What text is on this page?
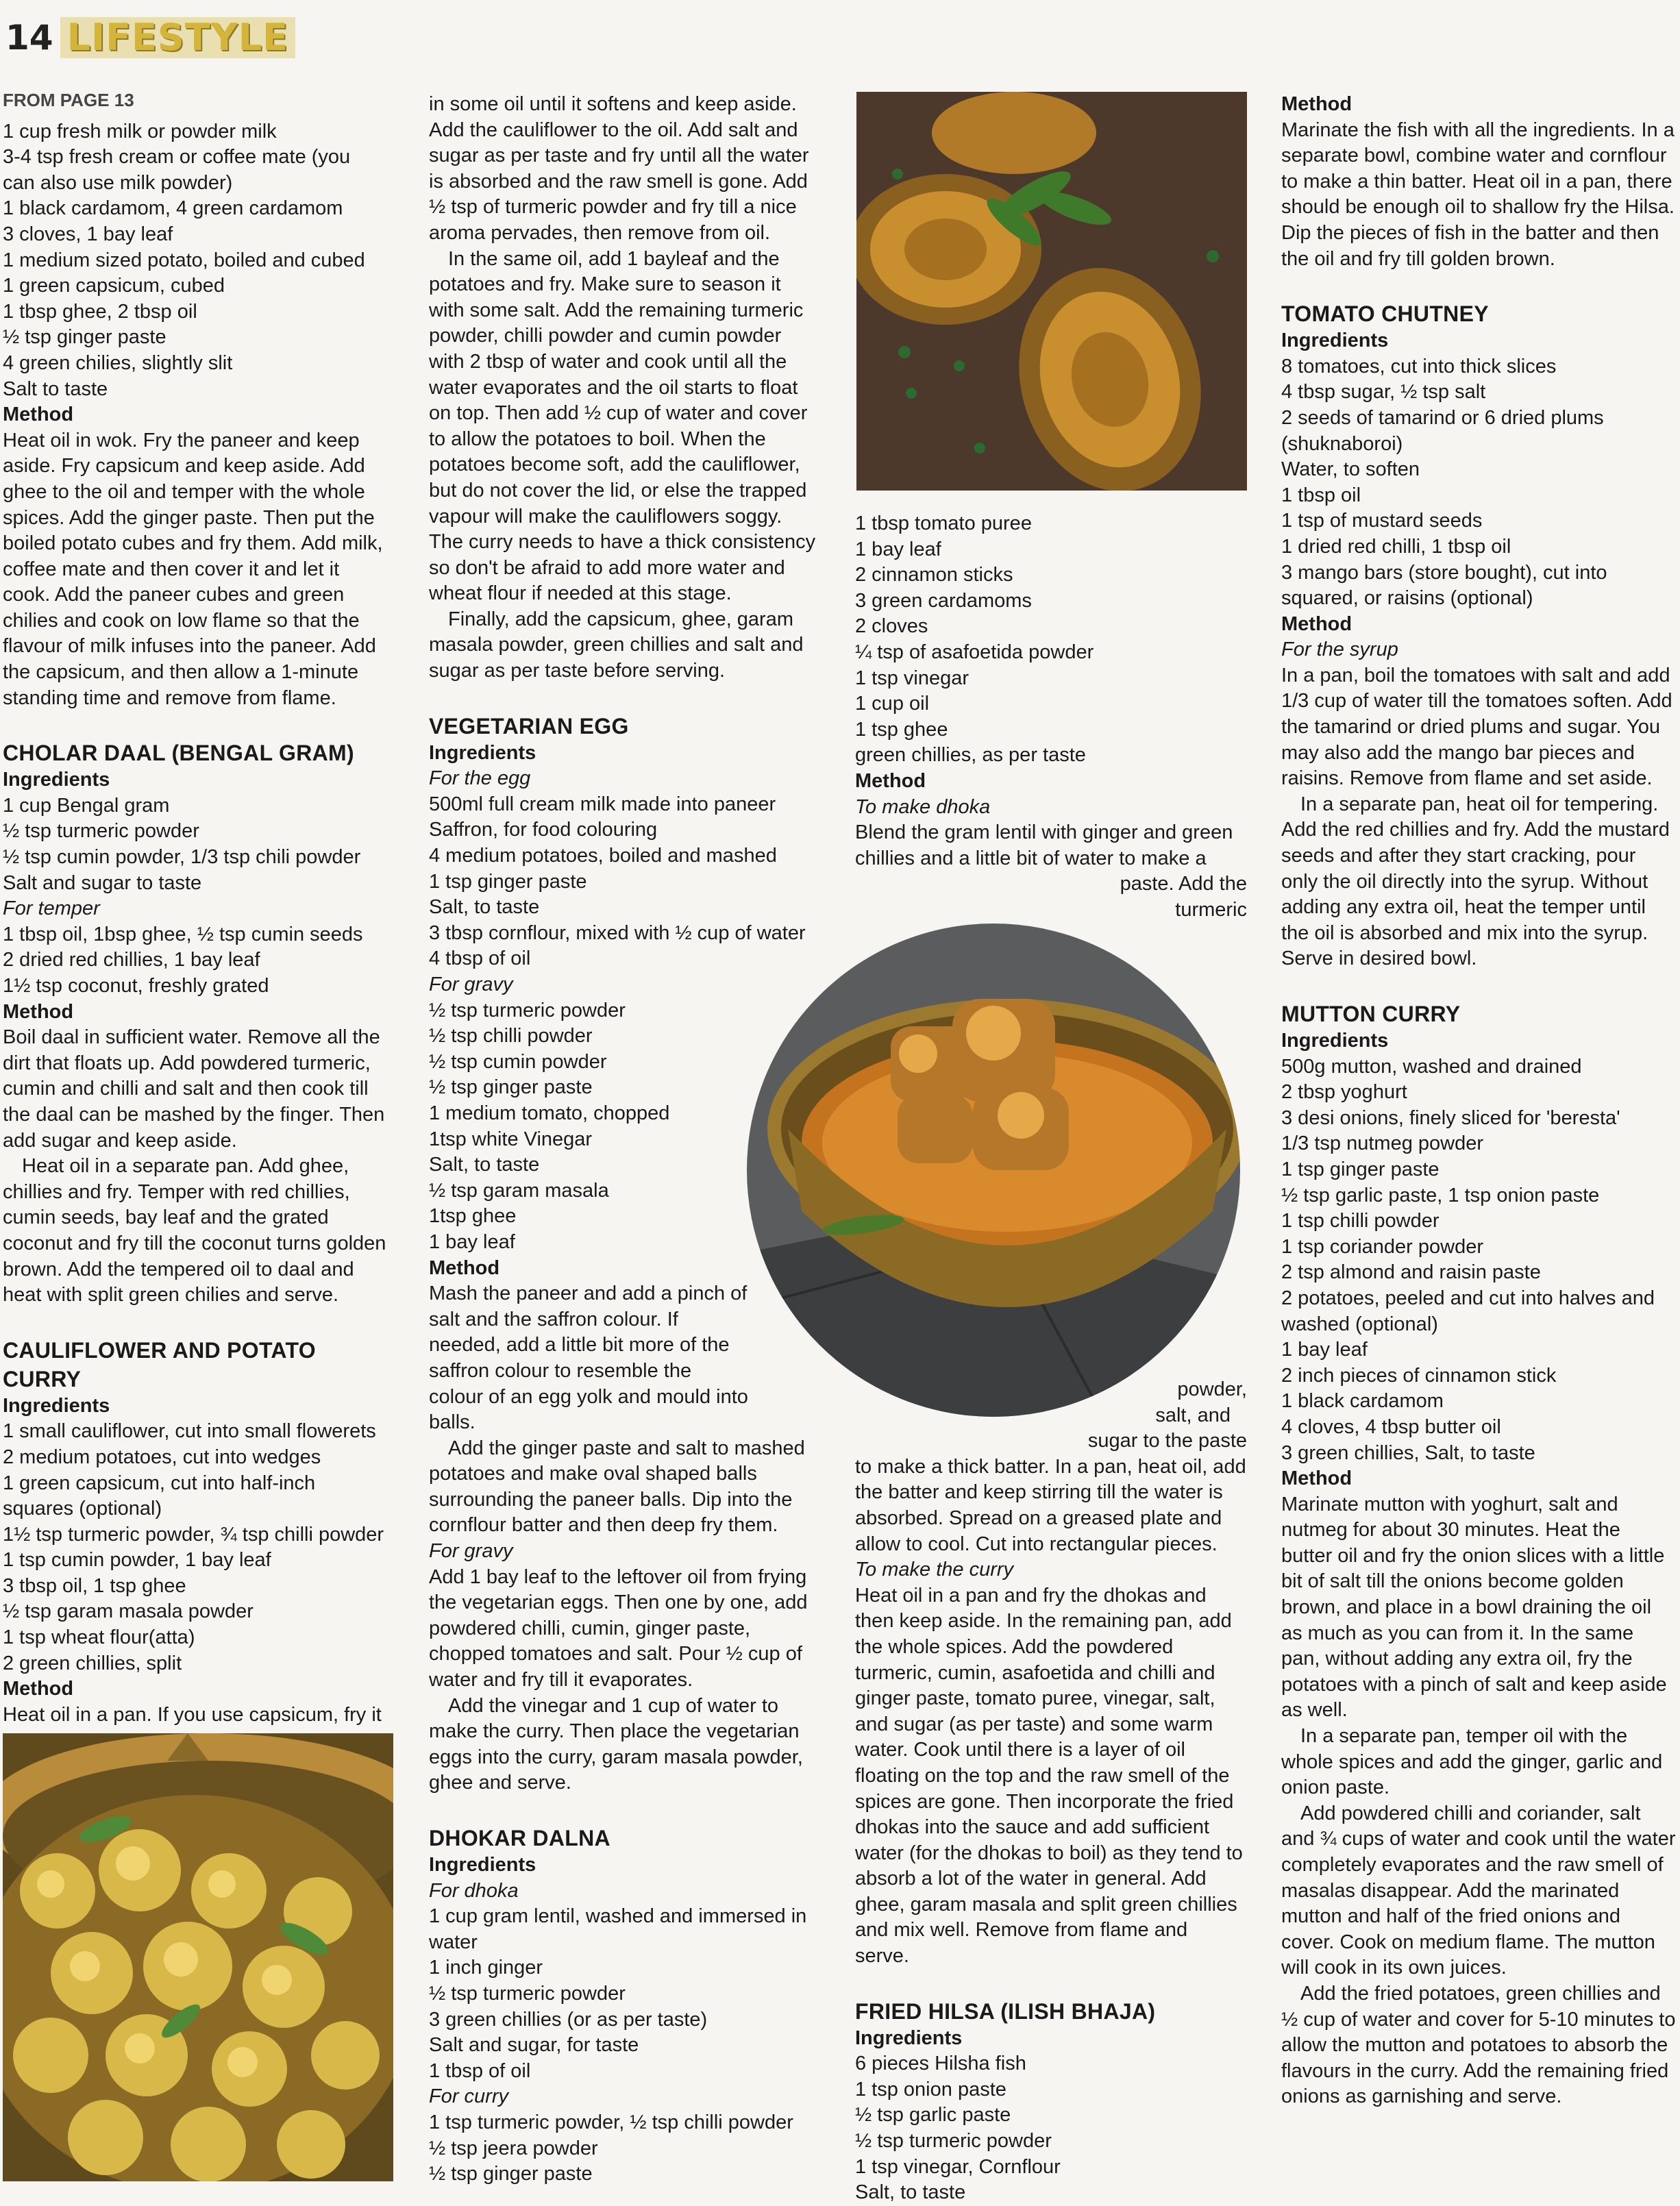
14 LIFESTYLE

FROM PAGE 13

1 cup fresh milk or powder milk

3-4 tsp fresh cream or coffee mate (you can also use milk powder)

1 black cardamom, 4 green cardamom

3 cloves, 1 bay leaf

1 medium sized potato, boiled and cubed

1 green capsicum, cubed

1 tbsp ghee, 2 tbsp oil

½ tsp ginger paste

4 green chilies, slightly slit

Salt to taste

Method

Heat oil in wok. Fry the paneer and keep aside. Fry capsicum and keep aside. Add ghee to the oil and temper with the whole spices. Add the ginger paste. Then put the boiled potato cubes and fry them. Add milk, coffee mate and then cover it and let it cook. Add the paneer cubes and green chilies and cook on low flame so that the flavour of milk infuses into the paneer. Add the capsicum, and then allow a 1-minute standing time and remove from flame.

CHOLAR DAAL (BENGAL GRAM)

Ingredients

1 cup Bengal gram

½ tsp turmeric powder

½ tsp cumin powder, 1/3 tsp chili powder

Salt and sugar to taste

For temper

1 tbsp oil, 1bsp ghee, ½ tsp cumin seeds

2 dried red chillies, 1 bay leaf

1½ tsp coconut, freshly grated

Method

Boil daal in sufficient water. Remove all the dirt that floats up. Add powdered turmeric, cumin and chilli and salt and then cook till the daal can be mashed by the finger. Then add sugar and keep aside.

Heat oil in a separate pan. Add ghee, chillies and fry. Temper with red chillies, cumin seeds, bay leaf and the grated coconut and fry till the coconut turns golden brown. Add the tempered oil to daal and heat with split green chilies and serve.

CAULIFLOWER AND POTATO CURRY

Ingredients

1 small cauliflower, cut into small flowerets

2 medium potatoes, cut into wedges

1 green capsicum, cut into half-inch squares (optional)

1½ tsp turmeric powder, ¾ tsp chilli powder

1 tsp cumin powder, 1 bay leaf

3 tbsp oil, 1 tsp ghee

½ tsp garam masala powder

1 tsp wheat flour(atta)

2 green chillies, split

Method

Heat oil in a pan. If you use capsicum, fry it

in some oil until it softens and keep aside. Add the cauliflower to the oil. Add salt and sugar as per taste and fry until all the water is absorbed and the raw smell is gone. Add ½ tsp of turmeric powder and fry till a nice aroma pervades, then remove from oil.

In the same oil, add 1 bayleaf and the potatoes and fry. Make sure to season it with some salt. Add the remaining turmeric powder, chilli powder and cumin powder with 2 tbsp of water and cook until all the water evaporates and the oil starts to float on top. Then add ½ cup of water and cover to allow the potatoes to boil. When the potatoes become soft, add the cauliflower, but do not cover the lid, or else the trapped vapour will make the cauliflowers soggy. The curry needs to have a thick consistency so don't be afraid to add more water and wheat flour if needed at this stage.

Finally, add the capsicum, ghee, garam masala powder, green chillies and salt and sugar as per taste before serving.

VEGETARIAN EGG

Ingredients

For the egg

500ml full cream milk made into paneer

Saffron, for food colouring

4 medium potatoes, boiled and mashed

1 tsp ginger paste

Salt, to taste

3 tbsp cornflour, mixed with ½ cup of water

4 tbsp of oil

For gravy

½ tsp turmeric powder

½ tsp chilli powder

½ tsp cumin powder

½ tsp ginger paste

1 medium tomato, chopped

1tsp white Vinegar

Salt, to taste

½ tsp garam masala

1tsp ghee

1 bay leaf

Method

Mash the paneer and add a pinch of salt and the saffron colour. If needed, add a little bit more of the saffron colour to resemble the colour of an egg yolk and mould into balls.

Add the ginger paste and salt to mashed potatoes and make oval shaped balls surrounding the paneer balls. Dip into the cornflour batter and then deep fry them.

For gravy

Add 1 bay leaf to the leftover oil from frying the vegetarian eggs. Then one by one, add powdered chilli, cumin, ginger paste, chopped tomatoes and salt. Pour ½ cup of water and fry till it evaporates.

Add the vinegar and 1 cup of water to make the curry. Then place the vegetarian eggs into the curry, garam masala powder, ghee and serve.

DHOKAR DALNA

Ingredients

For dhoka

1 cup gram lentil, washed and immersed in water

1 inch ginger

½ tsp turmeric powder

3 green chillies (or as per taste)

Salt and sugar, for taste

1 tbsp of oil

For curry

1 tsp turmeric powder, ½ tsp chilli powder

½ tsp jeera powder

½ tsp ginger paste

1 tbsp tomato puree

1 bay leaf

2 cinnamon sticks

3 green cardamoms

2 cloves

¼ tsp of asafoetida powder

1 tsp vinegar

1 cup oil

1 tsp ghee

green chillies, as per taste

Method

To make dhoka

Blend the gram lentil with ginger and green chillies and a little bit of water to make a

paste. Add the

turmeric

powder,

salt, and

sugar to the paste

to make a thick batter. In a pan, heat oil, add the batter and keep stirring till the water is absorbed. Spread on a greased plate and allow to cool. Cut into rectangular pieces.

To make the curry

Heat oil in a pan and fry the dhokas and then keep aside. In the remaining pan, add the whole spices. Add the powdered turmeric, cumin, asafoetida and chilli and ginger paste, tomato puree, vinegar, salt, and sugar (as per taste) and some warm water. Cook until there is a layer of oil floating on the top and the raw smell of the spices are gone. Then incorporate the fried dhokas into the sauce and add sufficient water (for the dhokas to boil) as they tend to absorb a lot of the water in general. Add ghee, garam masala and split green chillies and mix well. Remove from flame and serve.

FRIED HILSA (ILISH BHAJA)

Ingredients

6 pieces Hilsha fish

1 tsp onion paste

½ tsp garlic paste

½ tsp turmeric powder

1 tsp vinegar, Cornflour

Salt, to taste

Method

Marinate the fish with all the ingredients. In a separate bowl, combine water and cornflour to make a thin batter. Heat oil in a pan, there should be enough oil to shallow fry the Hilsa. Dip the pieces of fish in the batter and then the oil and fry till golden brown.

TOMATO CHUTNEY

Ingredients

8 tomatoes, cut into thick slices

4 tbsp sugar, ½ tsp salt

2 seeds of tamarind or 6 dried plums (shuknaboroi)

Water, to soften

1 tbsp oil

1 tsp of mustard seeds

1 dried red chilli, 1 tbsp oil

3 mango bars (store bought), cut into squared, or raisins (optional)

Method

For the syrup

In a pan, boil the tomatoes with salt and add 1/3 cup of water till the tomatoes soften. Add the tamarind or dried plums and sugar. You may also add the mango bar pieces and raisins. Remove from flame and set aside.

In a separate pan, heat oil for tempering. Add the red chillies and fry. Add the mustard seeds and after they start cracking, pour only the oil directly into the syrup. Without adding any extra oil, heat the temper until the oil is absorbed and mix into the syrup. Serve in desired bowl.

MUTTON CURRY

Ingredients

500g mutton, washed and drained

2 tbsp yoghurt

3 desi onions, finely sliced for 'beresta'

1/3 tsp nutmeg powder

1 tsp ginger paste

½ tsp garlic paste, 1 tsp onion paste

1 tsp chilli powder

1 tsp coriander powder

2 tsp almond and raisin paste

2 potatoes, peeled and cut into halves and washed (optional)

1 bay leaf

2 inch pieces of cinnamon stick

1 black cardamom

4 cloves, 4 tbsp butter oil

3 green chillies, Salt, to taste

Method

Marinate mutton with yoghurt, salt and nutmeg for about 30 minutes. Heat the butter oil and fry the onion slices with a little bit of salt till the onions become golden brown, and place in a bowl draining the oil as much as you can from it. In the same pan, without adding any extra oil, fry the potatoes with a pinch of salt and keep aside as well.

In a separate pan, temper oil with the whole spices and add the ginger, garlic and onion paste.

Add powdered chilli and coriander, salt and ¾ cups of water and cook until the water completely evaporates and the raw smell of masalas disappear. Add the marinated mutton and half of the fried onions and cover. Cook on medium flame. The mutton will cook in its own juices.

Add the fried potatoes, green chillies and ½ cup of water and cover for 5-10 minutes to allow the mutton and potatoes to absorb the flavours in the curry. Add the remaining fried onions as garnishing and serve.
